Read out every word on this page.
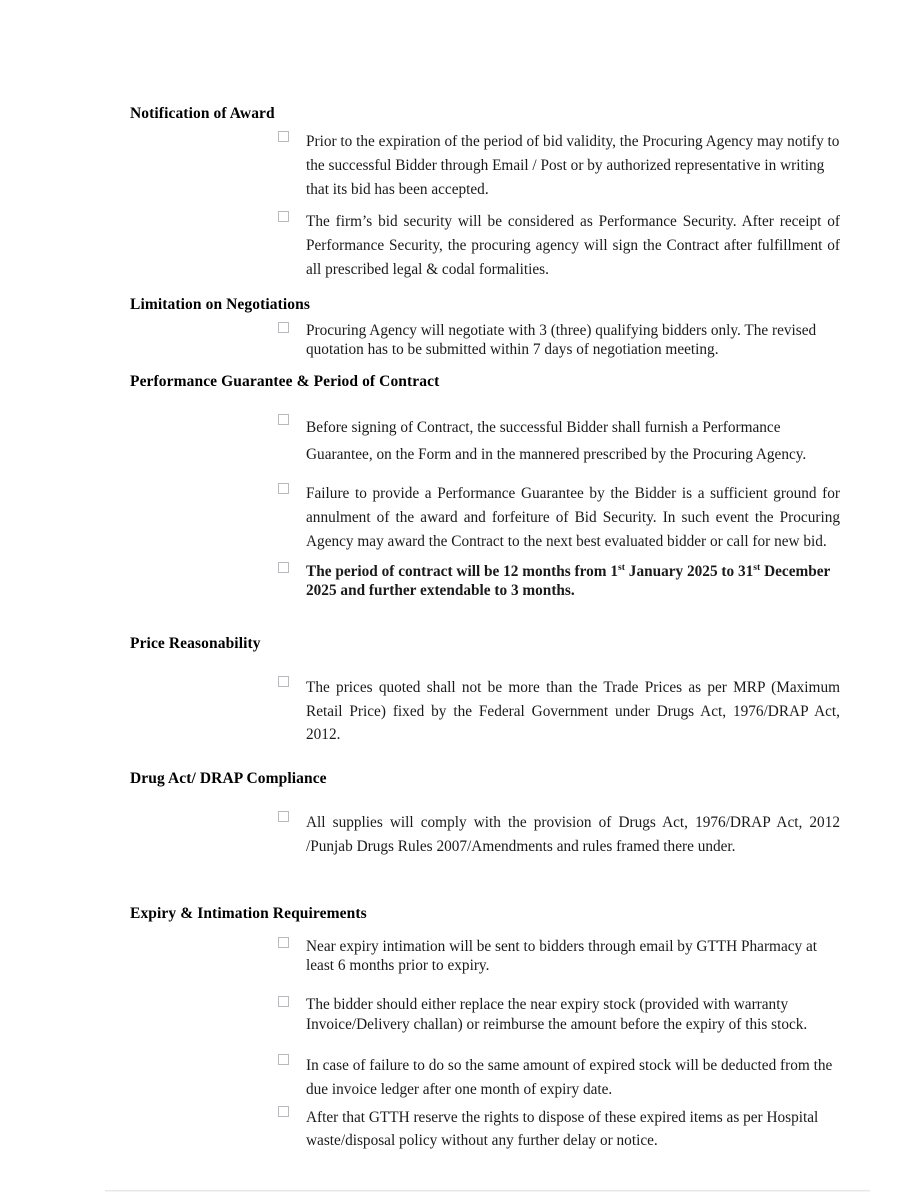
Notification of Award
Prior to the expiration of the period of bid validity, the Procuring Agency may notify to the successful Bidder through Email / Post or by authorized representative in writing that its bid has been accepted.
The firm’s bid security will be considered as Performance Security. After receipt of Performance Security, the procuring agency will sign the Contract after fulfillment of all prescribed legal & codal formalities.
Limitation on Negotiations
Procuring Agency will negotiate with 3 (three) qualifying bidders only. The revised quotation has to be submitted within 7 days of negotiation meeting.
Performance Guarantee & Period of Contract
Before signing of Contract, the successful Bidder shall furnish a Performance Guarantee, on the Form and in the mannered prescribed by the Procuring Agency.
Failure to provide a Performance Guarantee by the Bidder is a sufficient ground for annulment of the award and forfeiture of Bid Security. In such event the Procuring Agency may award the Contract to the next best evaluated bidder or call for new bid.
The period of contract will be 12 months from 1st January 2025 to 31st December 2025 and further extendable to 3 months.
Price Reasonability
The prices quoted shall not be more than the Trade Prices as per MRP (Maximum Retail Price) fixed by the Federal Government under Drugs Act, 1976/DRAP Act, 2012.
Drug Act/ DRAP Compliance
All supplies will comply with the provision of Drugs Act, 1976/DRAP Act, 2012 /Punjab Drugs Rules 2007/Amendments and rules framed there under.
Expiry & Intimation Requirements
Near expiry intimation will be sent to bidders through email by GTTH Pharmacy at least 6 months prior to expiry.
The bidder should either replace the near expiry stock (provided with warranty Invoice/Delivery challan) or reimburse the amount before the expiry of this stock.
In case of failure to do so the same amount of expired stock will be deducted from the due invoice ledger after one month of expiry date.
After that GTTH reserve the rights to dispose of these expired items as per Hospital waste/disposal policy without any further delay or notice.
